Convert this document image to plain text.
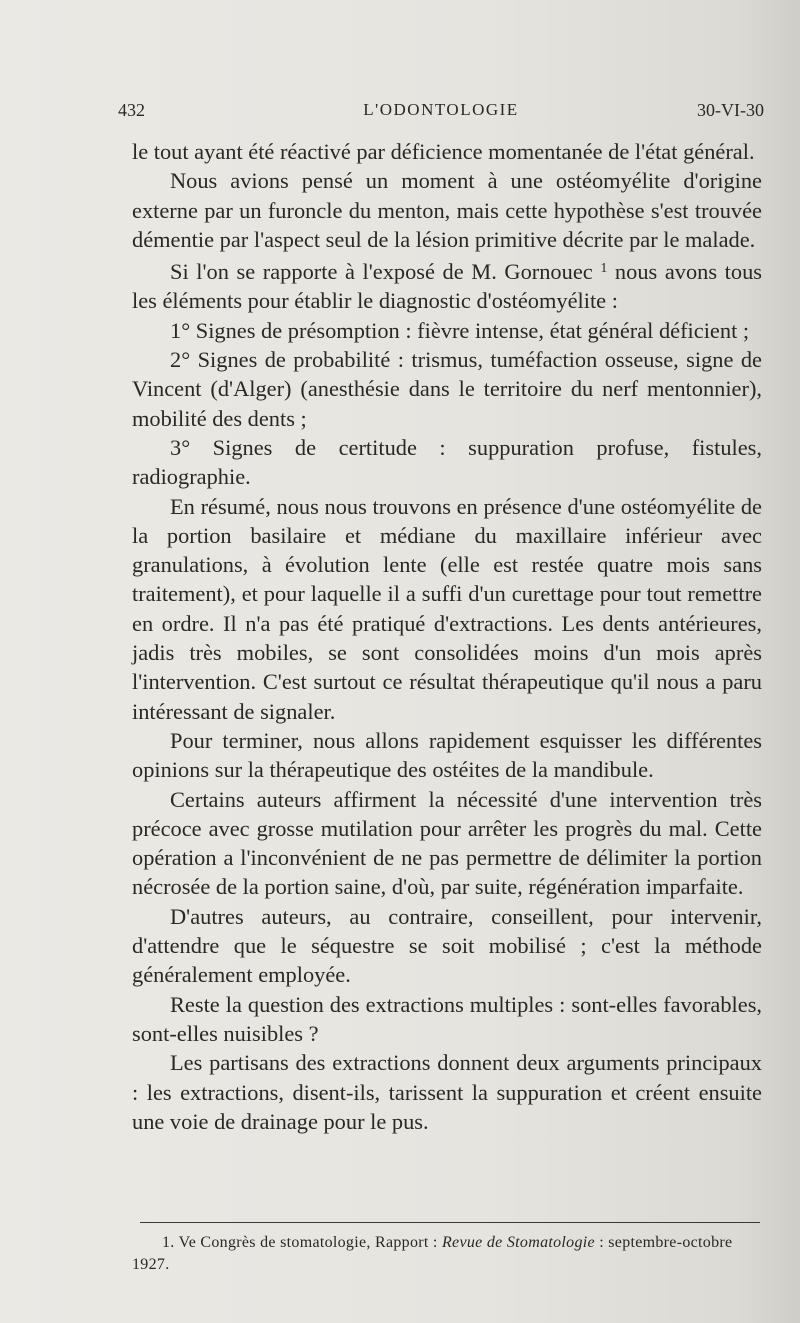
432	L'ODONTOLOGIE	30-VI-30

le tout ayant été réactivé par déficience momentanée de l'état général.

Nous avions pensé un moment à une ostéomyélite d'origine externe par un furoncle du menton, mais cette hypothèse s'est trouvée démentie par l'aspect seul de la lésion primitive décrite par le malade.

Si l'on se rapporte à l'exposé de M. Gornouec $^1$ nous avons tous les éléments pour établir le diagnostic d'ostéomyélite :

1° Signes de présomption : fièvre intense, état général déficient ;

2° Signes de probabilité : trismus, tuméfaction osseuse, signe de Vincent (d'Alger) (anesthésie dans le territoire du nerf mentonnier), mobilité des dents ;

3° Signes de certitude : suppuration profuse, fistules, radiographie.

En résumé, nous nous trouvons en présence d'une ostéomyélite de la portion basilaire et médiane du maxillaire inférieur avec granulations, à évolution lente (elle est restée quatre mois sans traitement), et pour laquelle il a suffi d'un curettage pour tout remettre en ordre. Il n'a pas été pratiqué d'extractions. Les dents antérieures, jadis très mobiles, se sont consolidées moins d'un mois après l'intervention. C'est surtout ce résultat thérapeutique qu'il nous a paru intéressant de signaler.

Pour terminer, nous allons rapidement esquisser les différentes opinions sur la thérapeutique des ostéites de la mandibule.

Certains auteurs affirment la nécessité d'une intervention très précoce avec grosse mutilation pour arrêter les progrès du mal. Cette opération a l'inconvénient de ne pas permettre de délimiter la portion nécrosée de la portion saine, d'où, par suite, régénération imparfaite.

D'autres auteurs, au contraire, conseillent, pour intervenir, d'attendre que le séquestre se soit mobilisé ; c'est la méthode généralement employée.

Reste la question des extractions multiples : sont-elles favorables, sont-elles nuisibles ?

Les partisans des extractions donnent deux arguments principaux : les extractions, disent-ils, tarissent la suppuration et créent ensuite une voie de drainage pour le pus.

1. Ve Congrès de stomatologie, Rapport : Revue de Stomatologie : septembre-octobre 1927.
